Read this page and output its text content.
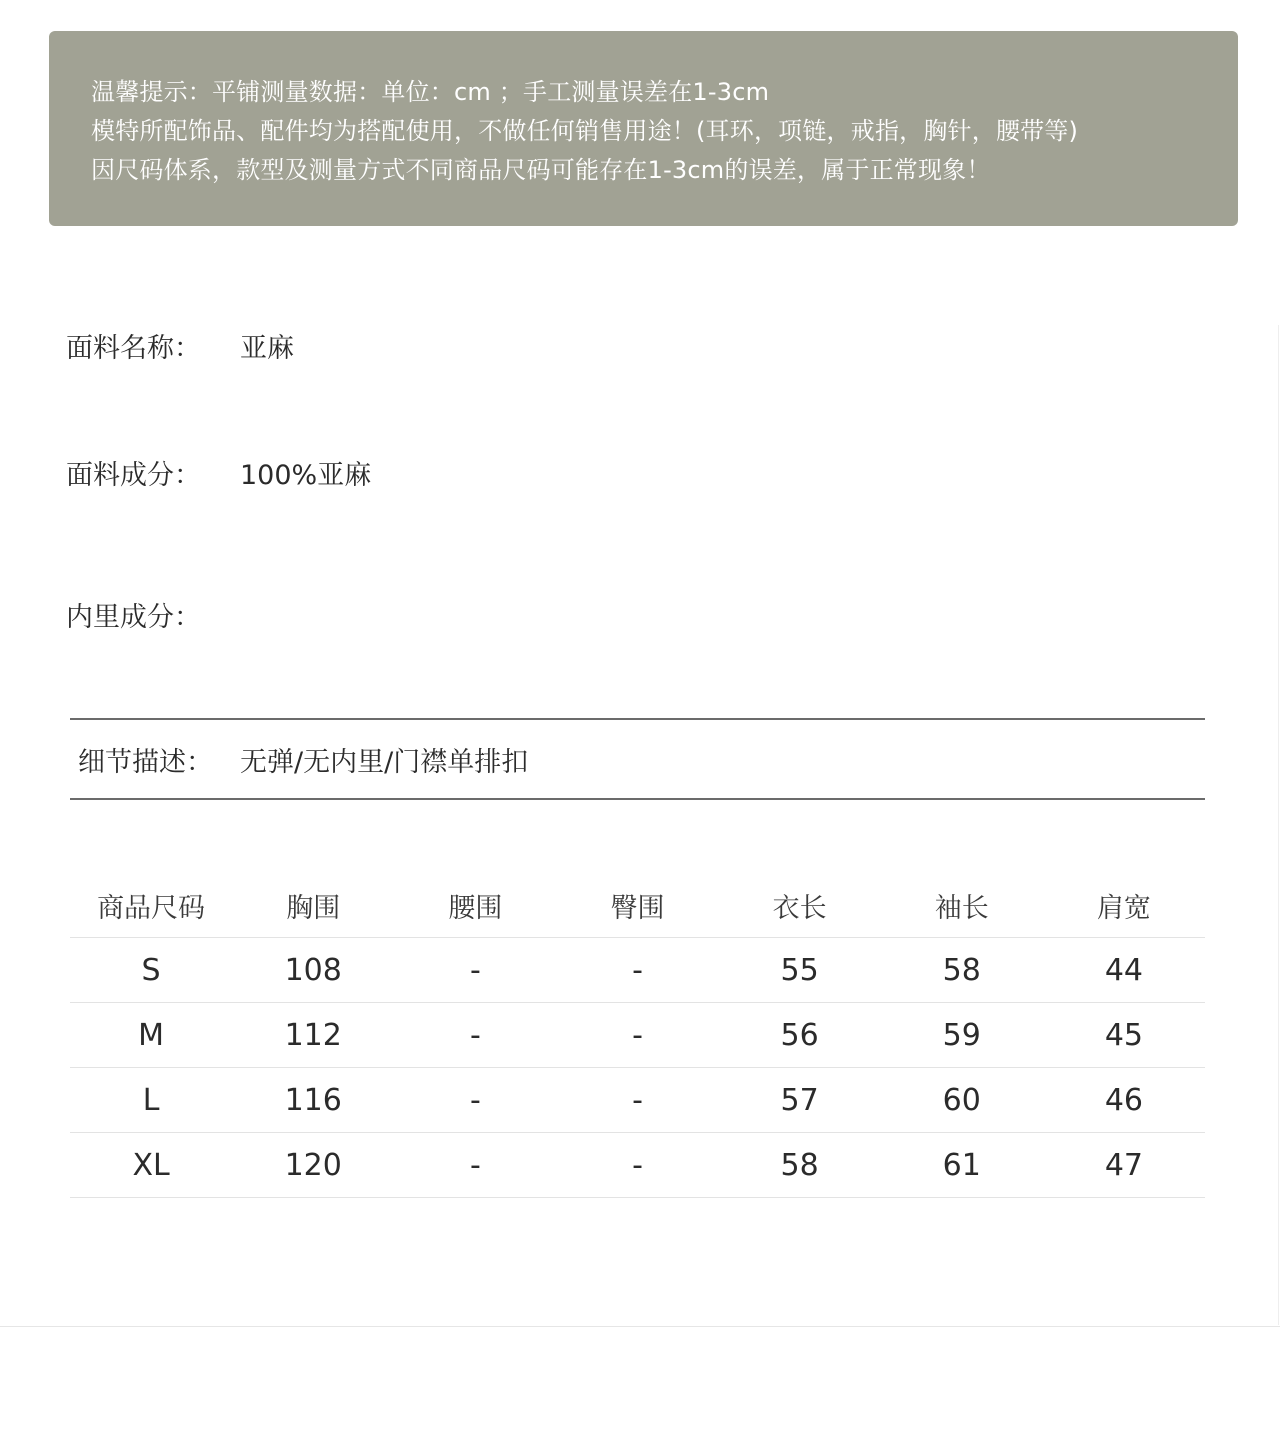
温馨提示：平铺测量数据：单位：cm ；手工测量误差在1-3cm
模特所配饰品、配件均为搭配使用，不做任何销售用途！(耳环，项链，戒指，胸针，腰带等)
因尺码体系，款型及测量方式不同商品尺码可能存在1-3cm的误差，属于正常现象！
面料名称： 亚麻
面料成分： 100%亚麻
内里成分：
细节描述： 无弹/无内里/门襟单排扣
商品尺码	胸围	腰围	臀围	衣长	袖长	肩宽
S	108	-	-	55	58	44
M	112	-	-	56	59	45
L	116	-	-	57	60	46
XL	120	-	-	58	61	47
